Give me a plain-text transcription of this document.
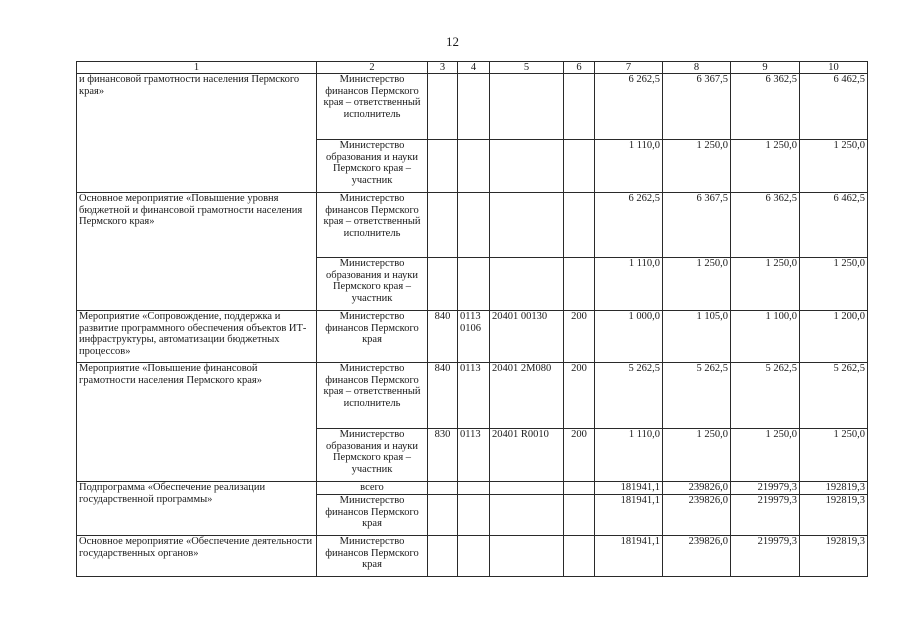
12
1	2	3	4	5	6	7	8	9	10
и финансовой грамотности населения Пермского края»	Министерство финансов Пермского края – ответственный исполнитель					6 262,5	6 367,5	6 362,5	6 462,5
	Министерство образования и науки Пермского края – участник					1 110,0	1 250,0	1 250,0	1 250,0
Основное мероприятие «Повышение уровня бюджетной и финансовой грамотности населения Пермского края»	Министерство финансов Пермского края – ответственный исполнитель					6 262,5	6 367,5	6 362,5	6 462,5
	Министерство образования и науки Пермского края – участник					1 110,0	1 250,0	1 250,0	1 250,0
Мероприятие «Сопровождение, поддержка и развитие программного обеспечения объектов ИТ-инфраструктуры, автоматизации бюджетных процессов»	Министерство финансов Пермского края	840	0113 0106	20401 00130	200	1 000,0	1 105,0	1 100,0	1 200,0
Мероприятие «Повышение финансовой грамотности населения Пермского края»	Министерство финансов Пермского края – ответственный исполнитель	840	0113	20401 2М080	200	5 262,5	5 262,5	5 262,5	5 262,5
	Министерство образования и науки Пермского края – участник	830	0113	20401 R0010	200	1 110,0	1 250,0	1 250,0	1 250,0
Подпрограмма «Обеспечение реализации государственной программы»	всего					181941,1	239826,0	219979,3	192819,3
	Министерство финансов Пермского края					181941,1	239826,0	219979,3	192819,3
Основное мероприятие «Обеспечение деятельности государственных органов»	Министерство финансов Пермского края					181941,1	239826,0	219979,3	192819,3
